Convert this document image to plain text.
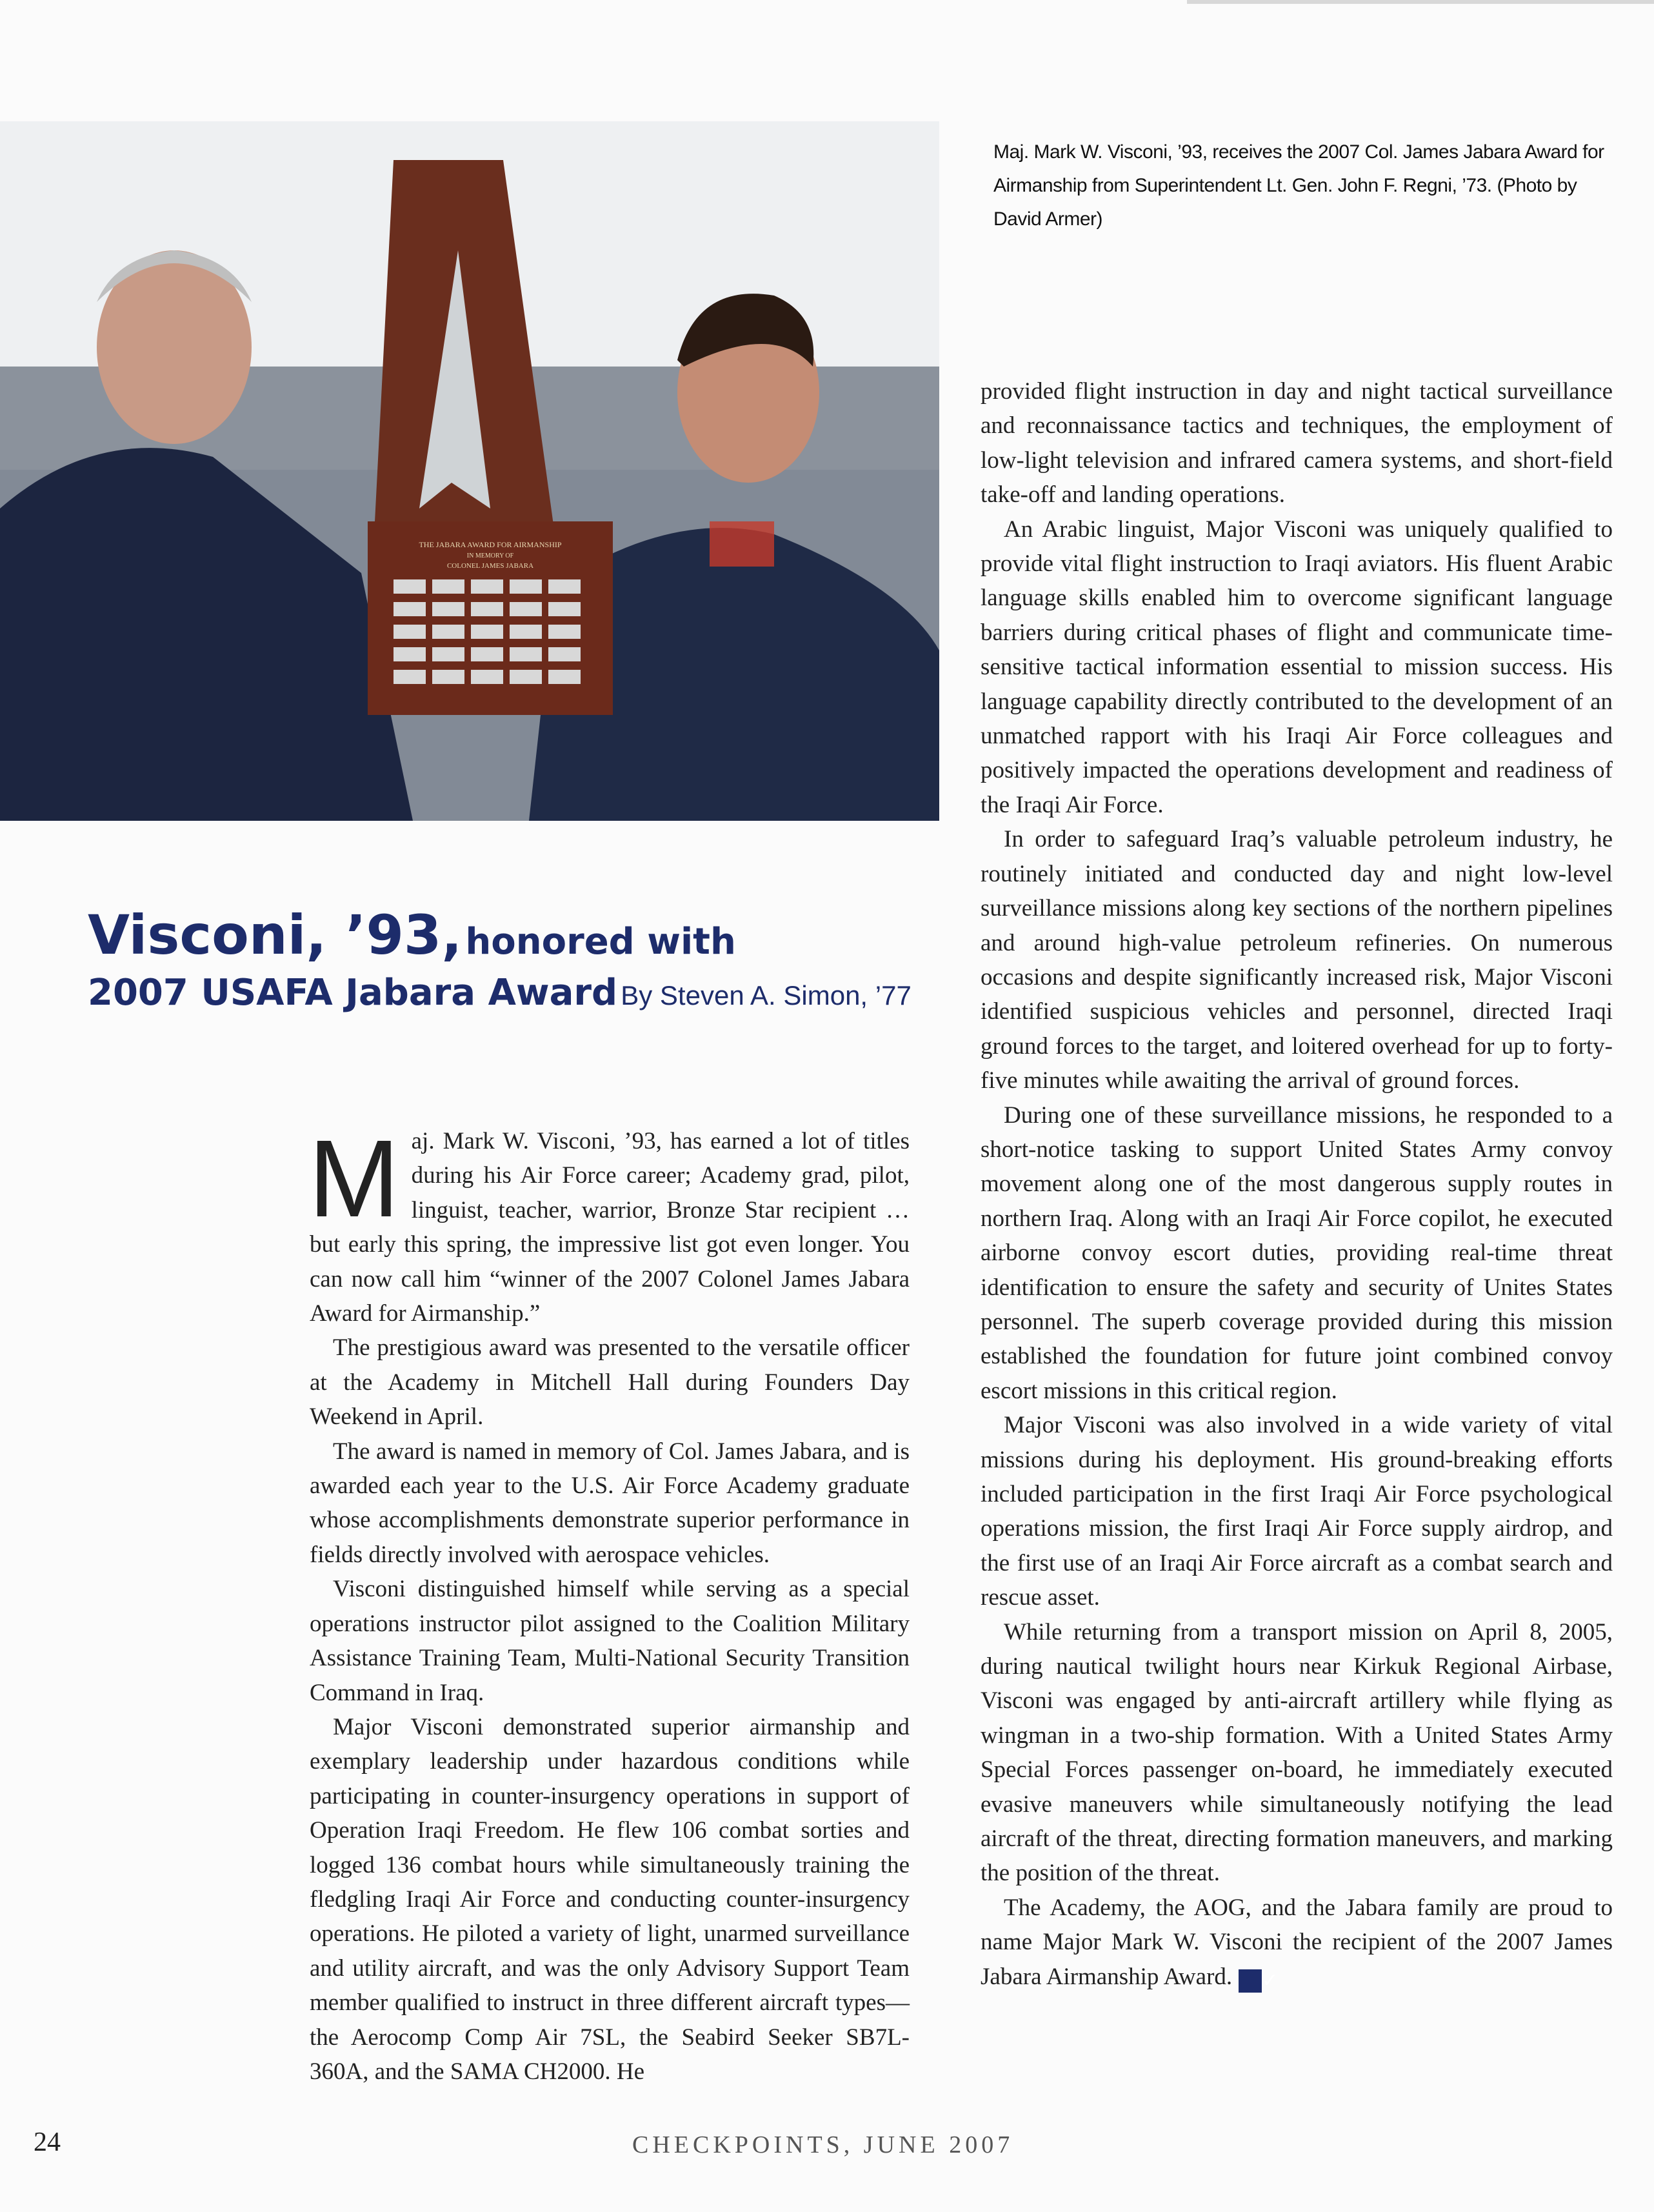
THE JABARA AWARD FOR AIRMANSHIP
IN MEMORY OF
COLONEL JAMES JABARA
Maj. Mark W. Visconi, ’93, receives the 2007 Col. James Jabara Award for Airmanship from Superintendent Lt. Gen. John F. Regni, ’73. (Photo by David Armer)
Visconi, ’93, honored with
2007 USAFA Jabara Award By Steven A. Simon, ’77
M aj. Mark W. Visconi, ’93, has earned a lot of titles during his Air Force career; Academy grad, pilot, linguist, teacher, warrior, Bronze Star recipient … but early this spring, the impressive list got even longer. You can now call him “winner of the 2007 Colonel James Jabara Award for Airmanship.”

The prestigious award was presented to the versatile officer at the Academy in Mitchell Hall during Founders Day Weekend in April.

The award is named in memory of Col. James Jabara, and is awarded each year to the U.S. Air Force Academy graduate whose accomplishments demonstrate superior performance in fields directly involved with aerospace vehicles.

Visconi distinguished himself while serving as a special operations instructor pilot assigned to the Coalition Military Assistance Training Team, Multi-National Security Transition Command in Iraq.

Major Visconi demonstrated superior airmanship and exemplary leadership under hazardous conditions while participating in counter-insurgency operations in support of Operation Iraqi Freedom. He flew 106 combat sorties and logged 136 combat hours while simultaneously training the fledgling Iraqi Air Force and conducting counter-insurgency operations. He piloted a variety of light, unarmed surveillance and utility aircraft, and was the only Advisory Support Team member qualified to instruct in three different aircraft types—the Aerocomp Comp Air 7SL, the Seabird Seeker SB7L-360A, and the SAMA CH2000. He

provided flight instruction in day and night tactical surveillance and reconnaissance tactics and techniques, the employment of low-light television and infrared camera systems, and short-field take-off and landing operations.

An Arabic linguist, Major Visconi was uniquely qualified to provide vital flight instruction to Iraqi aviators. His fluent Arabic language skills enabled him to overcome significant language barriers during critical phases of flight and communicate time-sensitive tactical information essential to mission success. His language capability directly contributed to the development of an unmatched rapport with his Iraqi Air Force colleagues and positively impacted the operations development and readiness of the Iraqi Air Force.

In order to safeguard Iraq’s valuable petroleum industry, he routinely initiated and conducted day and night low-level surveillance missions along key sections of the northern pipelines and around high-value petroleum refineries. On numerous occasions and despite significantly increased risk, Major Visconi identified suspicious vehicles and personnel, directed Iraqi ground forces to the target, and loitered overhead for up to forty-five minutes while awaiting the arrival of ground forces.

During one of these surveillance missions, he responded to a short-notice tasking to support United States Army convoy movement along one of the most dangerous supply routes in northern Iraq. Along with an Iraqi Air Force copilot, he executed airborne convoy escort duties, providing real-time threat identification to ensure the safety and security of Unites States personnel. The superb coverage provided during this mission established the foundation for future joint combined convoy escort missions in this critical region.

Major Visconi was also involved in a wide variety of vital missions during his deployment. His ground-breaking efforts included participation in the first Iraqi Air Force psychological operations mission, the first Iraqi Air Force supply airdrop, and the first use of an Iraqi Air Force aircraft as a combat search and rescue asset.

While returning from a transport mission on April 8, 2005, during nautical twilight hours near Kirkuk Regional Airbase, Visconi was engaged by anti-aircraft artillery while flying as wingman in a two-ship formation. With a United States Army Special Forces passenger on-board, he immediately executed evasive maneuvers while simultaneously notifying the lead aircraft of the threat, directing formation maneuvers, and marking the position of the threat.

The Academy, the AOG, and the Jabara family are proud to name Major Mark W. Visconi the recipient of the 2007 James Jabara Airmanship Award. ✓

24	CHECKPOINTS, JUNE 2007
